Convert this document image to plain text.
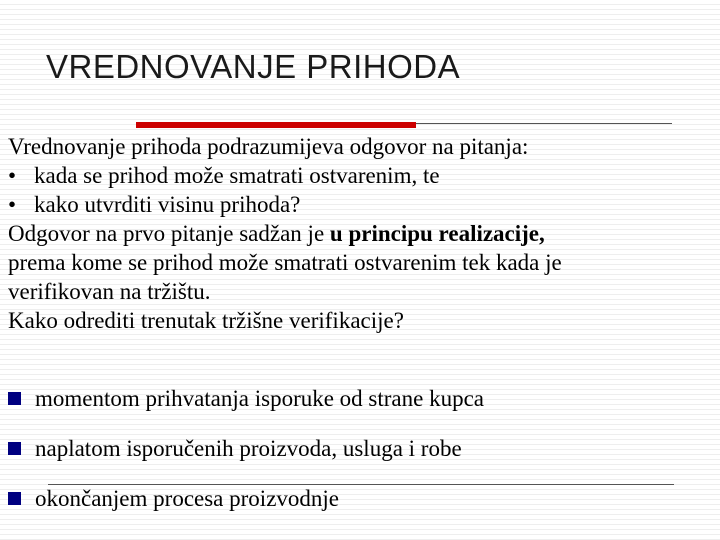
VREDNOVANJE PRIHODA
Vrednovanje prihoda podrazumijeva odgovor na pitanja:
• kada se prihod može smatrati ostvarenim, te
• kako utvrditi visinu prihoda?
Odgovor na prvo pitanje sadžan je u principu realizacije,
prema kome se prihod može smatrati ostvarenim tek kada je
verifikovan na tržištu.
Kako odrediti trenutak tržišne verifikacije?
momentom prihvatanja isporuke od strane kupca
naplatom isporučenih proizvoda, usluga i robe
okončanjem procesa proizvodnje
